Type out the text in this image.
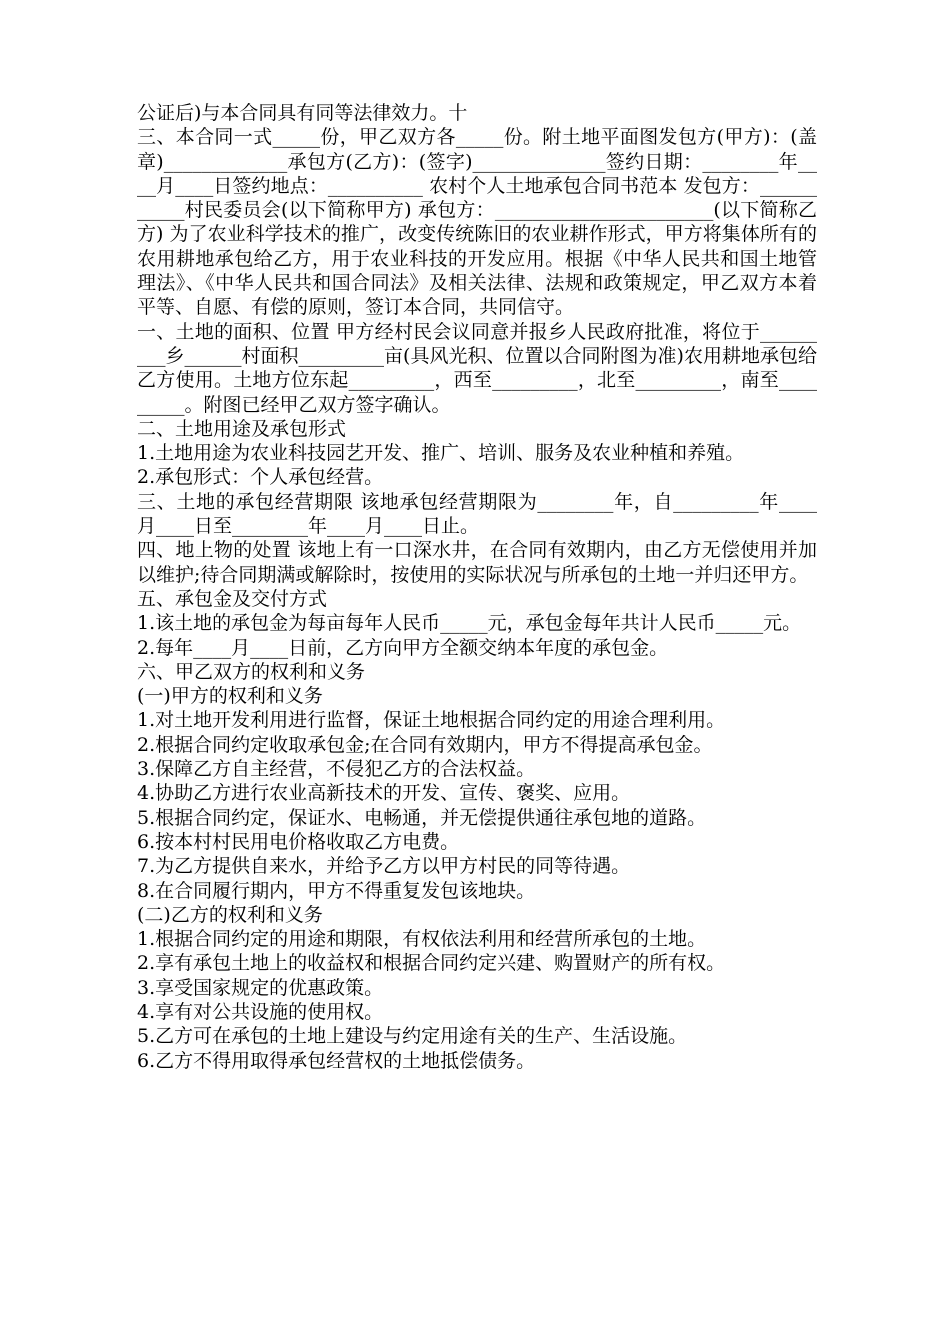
公证后)与本合同具有同等法律效力。十

三、本合同一式_____份，甲乙双方各_____份。附土地平面图发包方(甲方)：(盖章)_____________承包方(乙方)：(签字)______________签约日期：________年____月____日签约地点：__________ 农村个人土地承包合同书范本 发包方：___________村民委员会(以下简称甲方) 承包方：_______________________(以下简称乙方) 为了农业科学技术的推广，改变传统陈旧的农业耕作形式，甲方将集体所有的农用耕地承包给乙方，用于农业科技的开发应用。根据《中华人民共和国土地管理法》、《中华人民共和国合同法》及相关法律、法规和政策规定，甲乙双方本着平等、自愿、有偿的原则，签订本合同，共同信守。

一、土地的面积、位置 甲方经村民会议同意并报乡人民政府批准，将位于_________乡______村面积_________亩(具风光积、位置以合同附图为准)农用耕地承包给乙方使用。土地方位东起_________，西至_________，北至_________，南至_________。附图已经甲乙双方签字确认。

二、土地用途及承包形式

1.土地用途为农业科技园艺开发、推广、培训、服务及农业种植和养殖。

2.承包形式：个人承包经营。

三、土地的承包经营期限 该地承包经营期限为________年，自_________年____月____日至________年____月____日止。

四、地上物的处置 该地上有一口深水井，在合同有效期内，由乙方无偿使用并加以维护;待合同期满或解除时，按使用的实际状况与所承包的土地一并归还甲方。

五、承包金及交付方式

1.该土地的承包金为每亩每年人民币_____元，承包金每年共计人民币_____元。

2.每年____月____日前，乙方向甲方全额交纳本年度的承包金。

六、甲乙双方的权利和义务

(一)甲方的权利和义务

1.对土地开发利用进行监督，保证土地根据合同约定的用途合理利用。

2.根据合同约定收取承包金;在合同有效期内，甲方不得提高承包金。

3.保障乙方自主经营，不侵犯乙方的合法权益。

4.协助乙方进行农业高新技术的开发、宣传、褒奖、应用。

5.根据合同约定，保证水、电畅通，并无偿提供通往承包地的道路。

6.按本村村民用电价格收取乙方电费。

7.为乙方提供自来水，并给予乙方以甲方村民的同等待遇。

8.在合同履行期内，甲方不得重复发包该地块。

(二)乙方的权利和义务

1.根据合同约定的用途和期限，有权依法利用和经营所承包的土地。

2.享有承包土地上的收益权和根据合同约定兴建、购置财产的所有权。

3.享受国家规定的优惠政策。

4.享有对公共设施的使用权。

5.乙方可在承包的土地上建设与约定用途有关的生产、生活设施。

6.乙方不得用取得承包经营权的土地抵偿债务。
